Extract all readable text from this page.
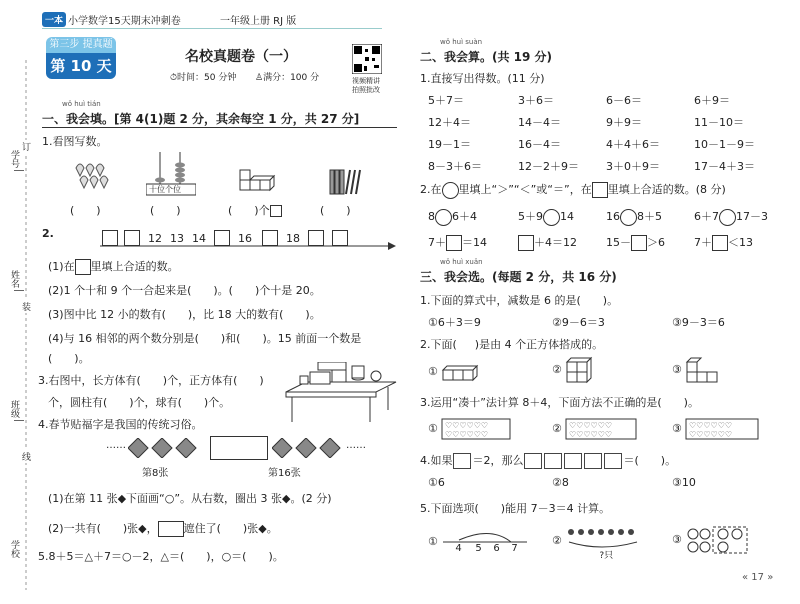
学号
姓名
班级
学校
订
装
线
一本 小学数学15天期末冲刺卷	一年级上册 RJ 版
第三步 提真题
第 10 天	名校真题卷（一）
⏱时间：50 分钟 ♙满分：100 分	视频精讲
拍照批改
wǒ huì tián
一、我会填。[第 4(1)题 2 分，其余每空 1 分，共 27 分]
1.看图写数。
十位个位
(　　)	(　　)	(　　)个	(　　)
2.	12 13 14	16	18
(1)在 里填上合适的数。
(2)1 个十和 9 个一合起来是(　　)。(　　)个十是 20。
(3)图中比 12 小的数有(　　)，比 18 大的数有(　　)。
(4)与 16 相邻的两个数分别是(　　)和(　　)。15 前面一个数是
(　　)。
3.右图中，长方体有(　　)个，正方体有(　　)
个，圆柱有(　　)个，球有(　　)个。
4.春节贴福字是我国的传统习俗。
……	……
第8张	第16张
(1)在第 11 张◆下面画“○”。从右数，圈出 3 张◆。(2 分)
(2)一共有(　　)张◆， 遮住了(　　)张◆。
5.8＋5＝△＋7＝○－2，△＝(　　)，○＝(　　)。
wǒ huì suàn
二、我会算。(共 19 分)
1.直接写出得数。(11 分)
5＋7＝	3＋6＝	6－6＝	6＋9＝
12＋4＝	14－4＝	9＋9＝	11－10＝
19－1＝	16－4＝	4＋4＋6＝	10－1－9＝
8－3＋6＝	12－2＋9＝ 3＋0＋9＝	17－4＋3＝
2.在 里填上“＞”“＜”或“＝”，在 里填上合适的数。(8 分)
8 6＋4	5＋9 14	16 8＋5	6＋7 17－3
7＋ ＝14	＋4＝12	15－ ＞6	7＋ ＜13
wǒ huì xuǎn
三、我会选。(每题 2 分，共 16 分)
1.下面的算式中，减数是 6 的是(　　)。
①6＋3＝9	②9－6＝3	③9－3＝6
2.下面( )是由 4 个正方体搭成的。
①	②	③
3.运用“凑十”法计算 8＋4，下面方法不正确的是(　　)。
① ♡♡♡♡♡♡
♡♡♡♡♡♡	② ♡♡♡♡♡♡
♡♡♡♡♡♡	③ ♡♡♡♡♡♡
♡♡♡♡♡♡
4.如果 ＝2，那么	＝(　　)。
①6	②8	③10
5.下面选项(　　)能用 7－3＝4 计算。
①
4 5 6 7
②
?只
③
« 17 »
